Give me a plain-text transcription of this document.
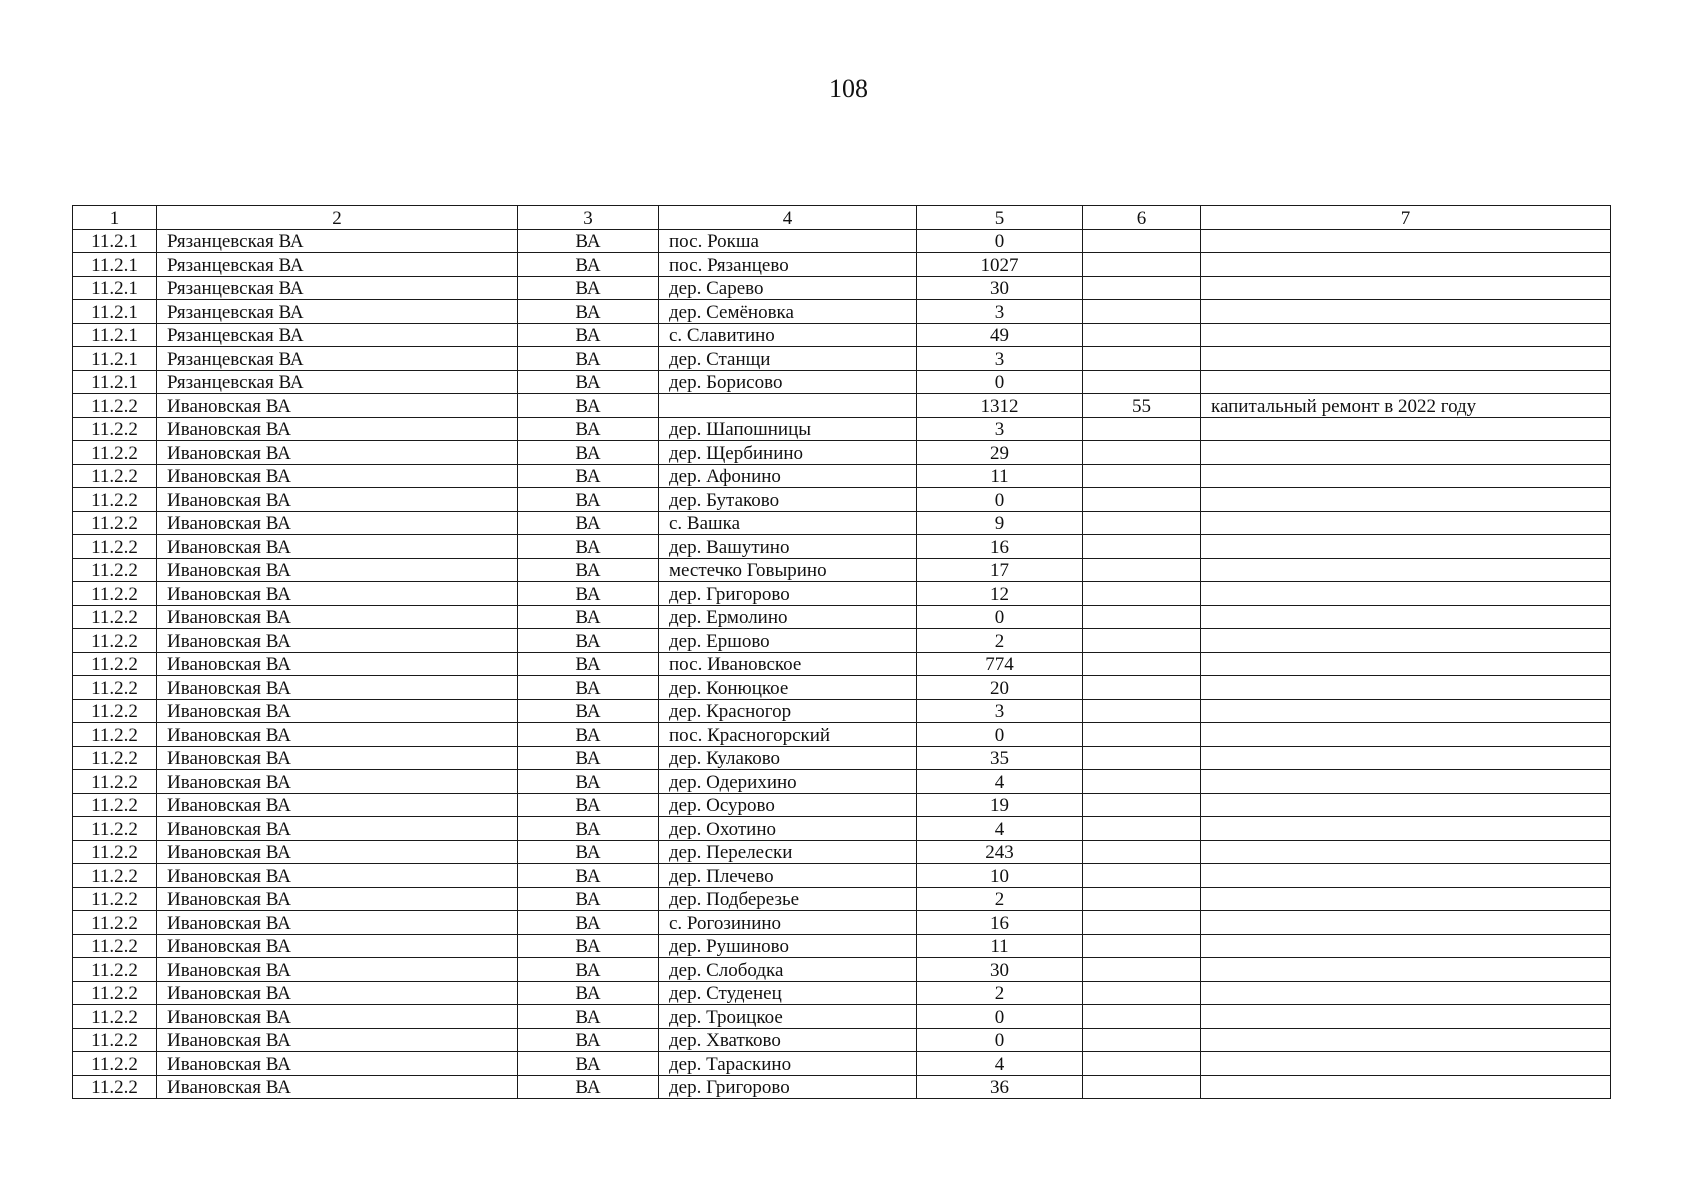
108
1	2	3	4	5	6	7
11.2.1	Рязанцевская ВА	ВА	пос. Рокша	0		
11.2.1	Рязанцевская ВА	ВА	пос. Рязанцево	1027		
11.2.1	Рязанцевская ВА	ВА	дер. Сарево	30		
11.2.1	Рязанцевская ВА	ВА	дер. Семёновка	3		
11.2.1	Рязанцевская ВА	ВА	с. Славитино	49		
11.2.1	Рязанцевская ВА	ВА	дер. Станщи	3		
11.2.1	Рязанцевская ВА	ВА	дер. Борисово	0		
11.2.2	Ивановская ВА	ВА		1312	55	капитальный ремонт в 2022 году
11.2.2	Ивановская ВА	ВА	дер. Шапошницы	3		
11.2.2	Ивановская ВА	ВА	дер. Щербинино	29		
11.2.2	Ивановская ВА	ВА	дер. Афонино	11		
11.2.2	Ивановская ВА	ВА	дер. Бутаково	0		
11.2.2	Ивановская ВА	ВА	с. Вашка	9		
11.2.2	Ивановская ВА	ВА	дер. Вашутино	16		
11.2.2	Ивановская ВА	ВА	местечко Говырино	17		
11.2.2	Ивановская ВА	ВА	дер. Григорово	12		
11.2.2	Ивановская ВА	ВА	дер. Ермолино	0		
11.2.2	Ивановская ВА	ВА	дер. Ершово	2		
11.2.2	Ивановская ВА	ВА	пос. Ивановское	774		
11.2.2	Ивановская ВА	ВА	дер. Конюцкое	20		
11.2.2	Ивановская ВА	ВА	дер. Красногор	3		
11.2.2	Ивановская ВА	ВА	пос. Красногорский	0		
11.2.2	Ивановская ВА	ВА	дер. Кулаково	35		
11.2.2	Ивановская ВА	ВА	дер. Одерихино	4		
11.2.2	Ивановская ВА	ВА	дер. Осурово	19		
11.2.2	Ивановская ВА	ВА	дер. Охотино	4		
11.2.2	Ивановская ВА	ВА	дер. Перелески	243		
11.2.2	Ивановская ВА	ВА	дер. Плечево	10		
11.2.2	Ивановская ВА	ВА	дер. Подберезье	2		
11.2.2	Ивановская ВА	ВА	с. Рогозинино	16		
11.2.2	Ивановская ВА	ВА	дер. Рушиново	11		
11.2.2	Ивановская ВА	ВА	дер. Слободка	30		
11.2.2	Ивановская ВА	ВА	дер. Студенец	2		
11.2.2	Ивановская ВА	ВА	дер. Троицкое	0		
11.2.2	Ивановская ВА	ВА	дер. Хватково	0		
11.2.2	Ивановская ВА	ВА	дер. Тараскино	4		
11.2.2	Ивановская ВА	ВА	дер. Григорово	36		
